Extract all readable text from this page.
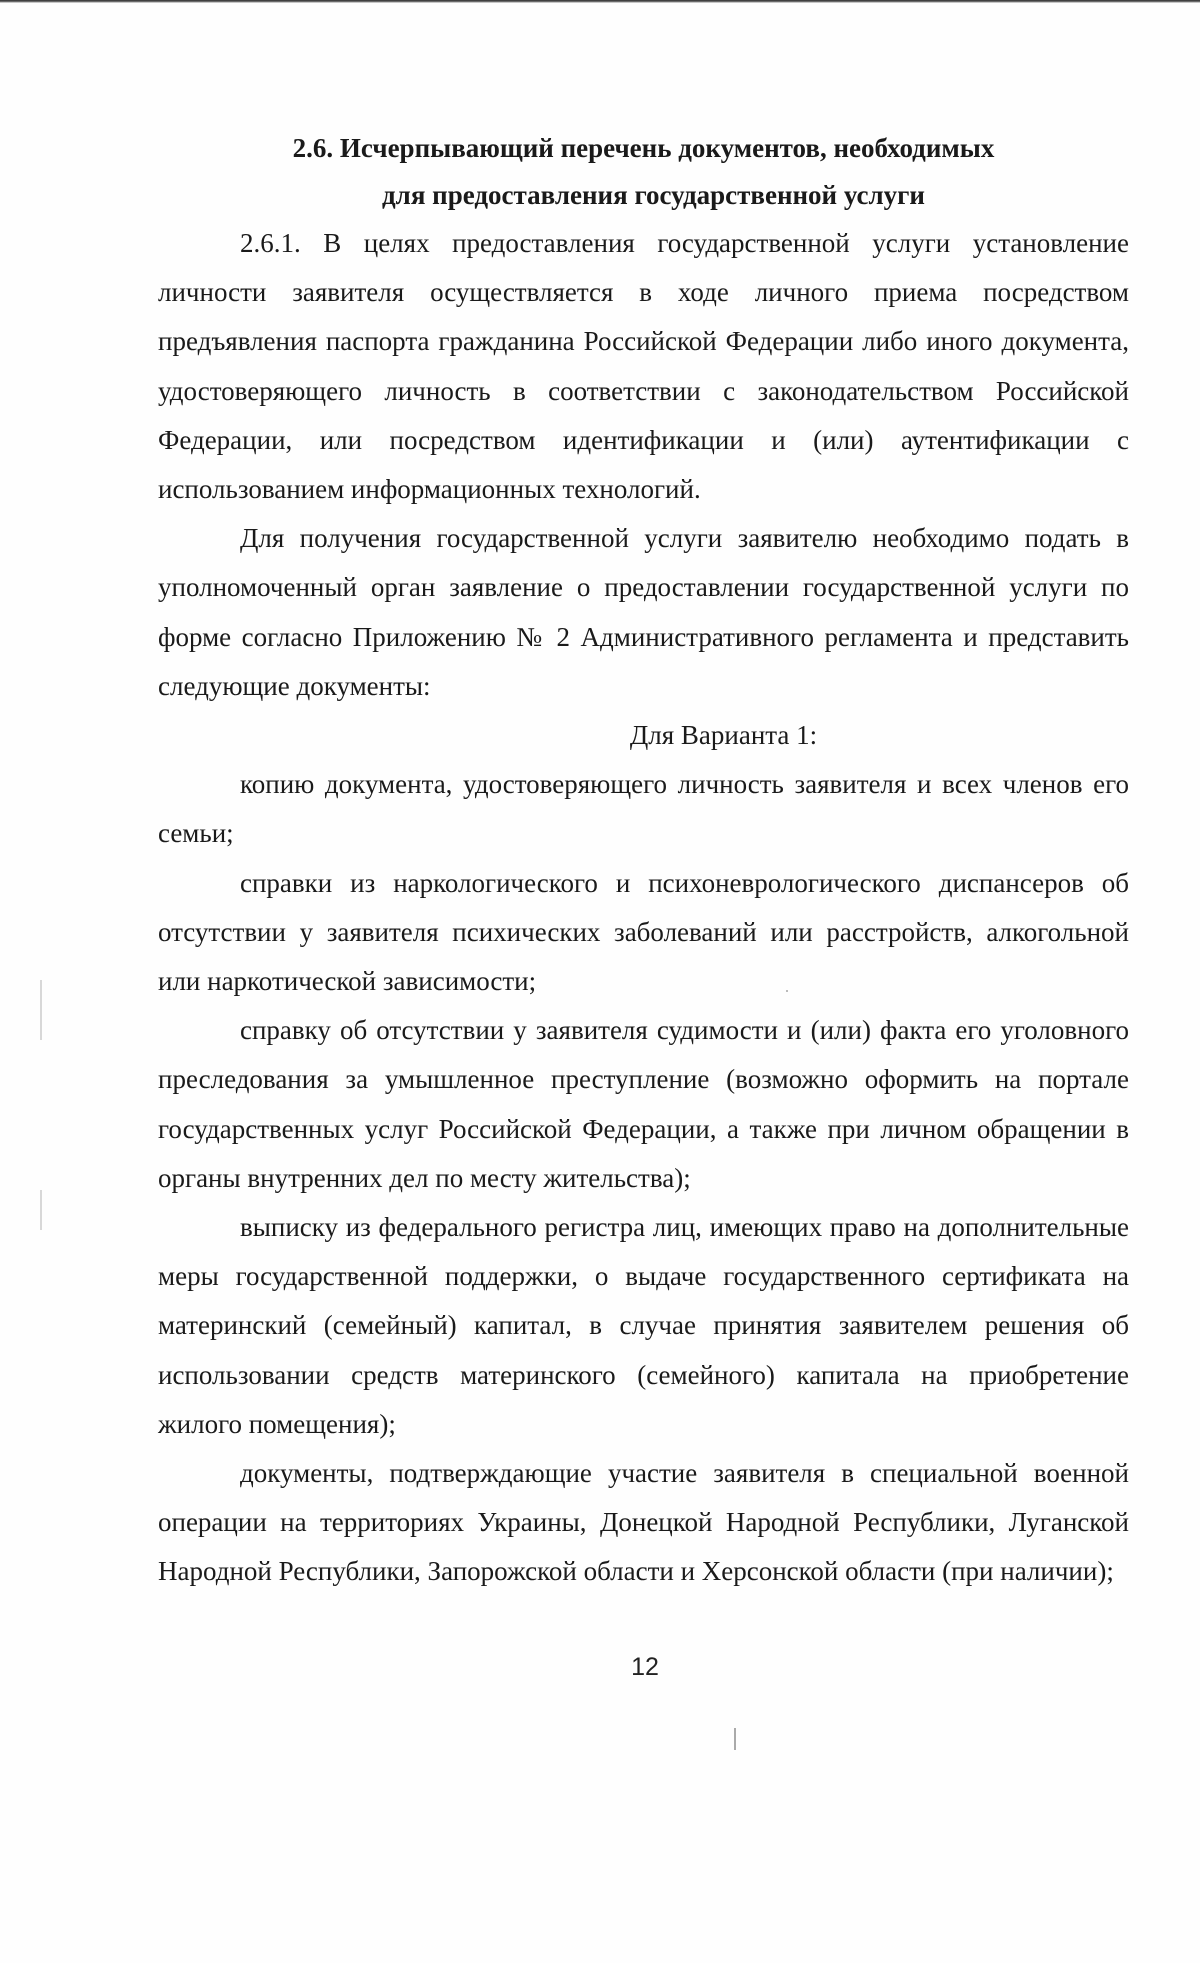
2.6. Исчерпывающий перечень документов, необходимых

для предоставления государственной услуги

2.6.1. В целях предоставления государственной услуги установление личности заявителя осуществляется в ходе личного приема посредством предъявления паспорта гражданина Российской Федерации либо иного документа, удостоверяющего личность в соответствии с законодательством Российской Федерации, или посредством идентификации и (или) аутентификации с использованием информационных технологий.

Для получения государственной услуги заявителю необходимо подать в уполномоченный орган заявление о предоставлении государственной услуги по форме согласно Приложению № 2 Административного регламента и представить следующие документы:

Для Варианта 1:

копию документа, удостоверяющего личность заявителя и всех членов его семьи;

справки из наркологического и психоневрологического диспансеров об отсутствии у заявителя психических заболеваний или расстройств, алкогольной или наркотической зависимости;

справку об отсутствии у заявителя судимости и (или) факта его уголовного преследования за умышленное преступление (возможно оформить на портале государственных услуг Российской Федерации, а также при личном обращении в органы внутренних дел по месту жительства);

выписку из федерального регистра лиц, имеющих право на дополнительные меры государственной поддержки, о выдаче государственного сертификата на материнский (семейный) капитал, в случае принятия заявителем решения об использовании средств материнского (семейного) капитала на приобретение жилого помещения);

документы, подтверждающие участие заявителя в специальной военной операции на территориях Украины, Донецкой Народной Республики, Луганской Народной Республики, Запорожской области и Херсонской области (при наличии);

12
